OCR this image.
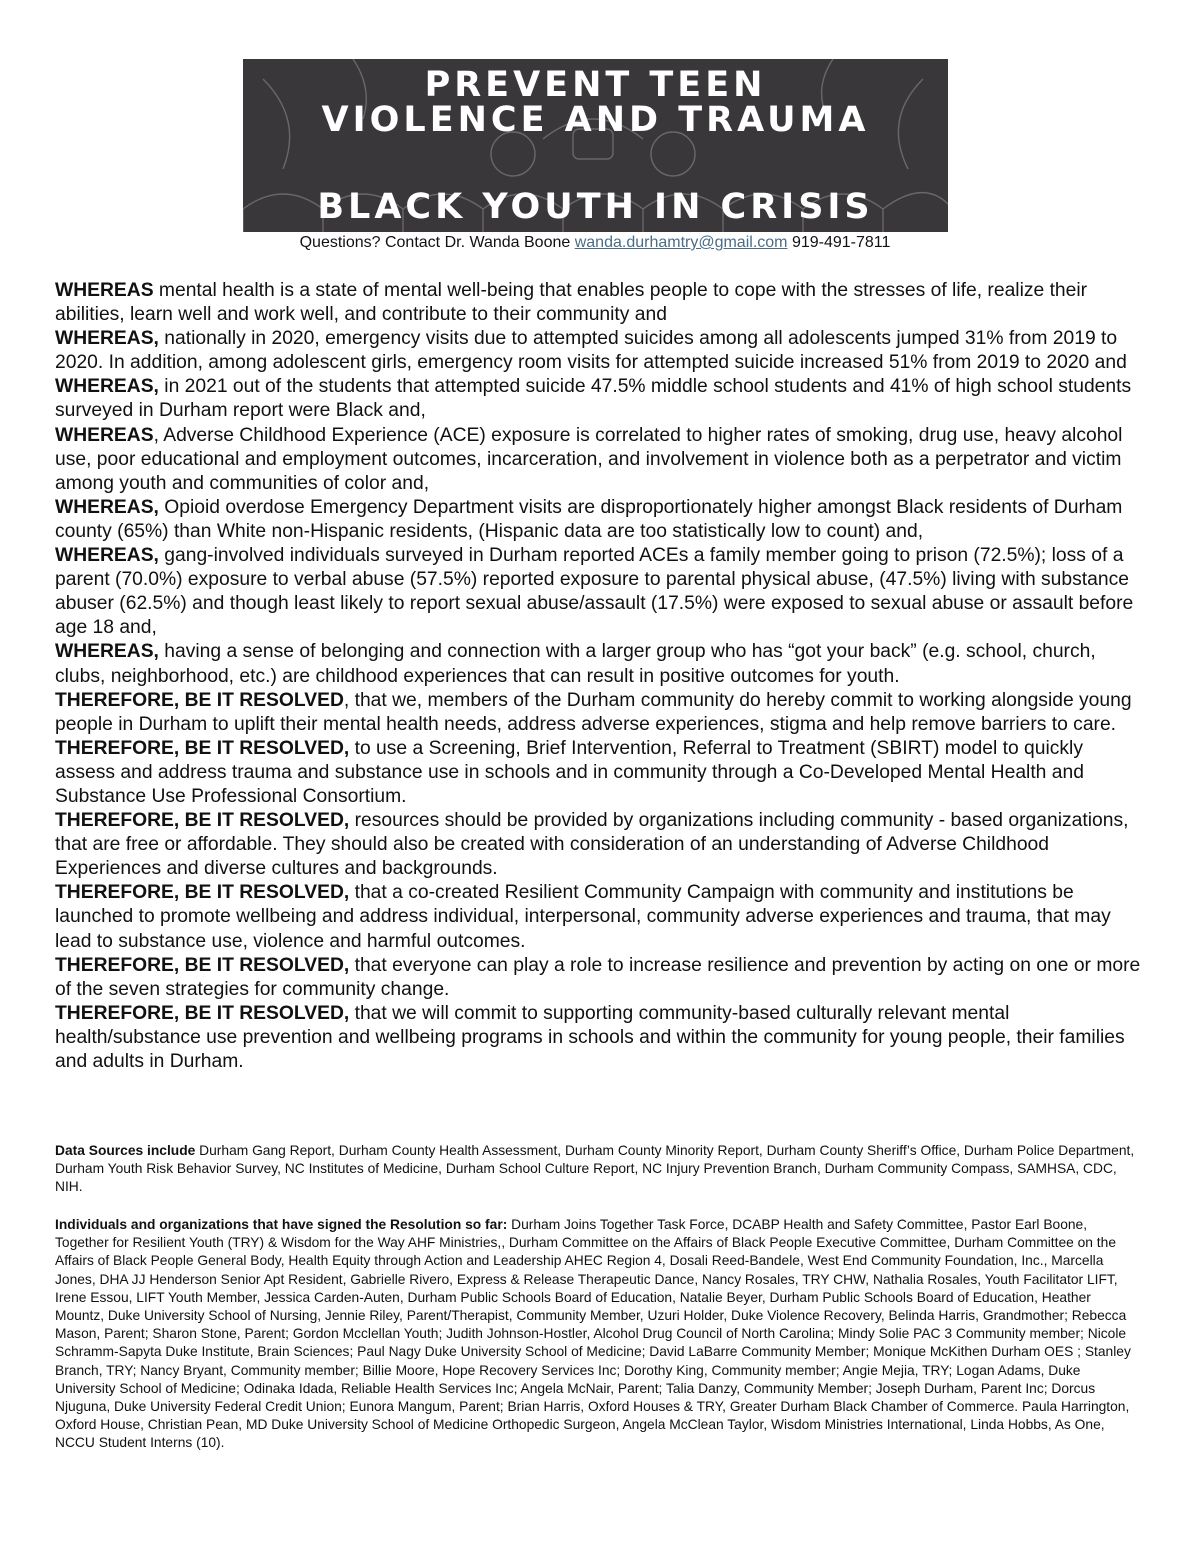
PREVENT TEEN

VIOLENCE AND TRAUMA

BLACK YOUTH IN CRISIS

Questions? Contact Dr. Wanda Boone wanda.durhamtry@gmail.com 919-491-7811

WHEREAS mental health is a state of mental well-being that enables people to cope with the stresses of life, realize their abilities, learn well and work well, and contribute to their community and

WHEREAS, nationally in 2020, emergency visits due to attempted suicides among all adolescents jumped 31% from 2019 to 2020. In addition, among adolescent girls, emergency room visits for attempted suicide increased 51% from 2019 to 2020 and

WHEREAS, in 2021 out of the students that attempted suicide 47.5% middle school students and 41% of high school students surveyed in Durham report were Black and,

WHEREAS, Adverse Childhood Experience (ACE) exposure is correlated to higher rates of smoking, drug use, heavy alcohol use, poor educational and employment outcomes, incarceration, and involvement in violence both as a perpetrator and victim among youth and communities of color and,

WHEREAS, Opioid overdose Emergency Department visits are disproportionately higher amongst Black residents of Durham county (65%) than White non-Hispanic residents, (Hispanic data are too statistically low to count) and,

WHEREAS, gang-involved individuals surveyed in Durham reported ACEs a family member going to prison (72.5%); loss of a parent (70.0%) exposure to verbal abuse (57.5%) reported exposure to parental physical abuse, (47.5%) living with substance abuser (62.5%) and though least likely to report sexual abuse/assault (17.5%) were exposed to sexual abuse or assault before age 18 and,

WHEREAS, having a sense of belonging and connection with a larger group who has “got your back” (e.g. school, church, clubs, neighborhood, etc.) are childhood experiences that can result in positive outcomes for youth.

THEREFORE, BE IT RESOLVED, that we, members of the Durham community do hereby commit to working alongside young people in Durham to uplift their mental health needs, address adverse experiences, stigma and help remove barriers to care.

THEREFORE, BE IT RESOLVED, to use a Screening, Brief Intervention, Referral to Treatment (SBIRT) model to quickly assess and address trauma and substance use in schools and in community through a Co-Developed Mental Health and Substance Use Professional Consortium.

THEREFORE, BE IT RESOLVED, resources should be provided by organizations including community - based organizations, that are free or affordable. They should also be created with consideration of an understanding of Adverse Childhood Experiences and diverse cultures and backgrounds.

THEREFORE, BE IT RESOLVED, that a co-created Resilient Community Campaign with community and institutions be launched to promote wellbeing and address individual, interpersonal, community adverse experiences and trauma, that may lead to substance use, violence and harmful outcomes.

THEREFORE, BE IT RESOLVED, that everyone can play a role to increase resilience and prevention by acting on one or more of the seven strategies for community change.

THEREFORE, BE IT RESOLVED, that we will commit to supporting community-based culturally relevant mental health/substance use prevention and wellbeing programs in schools and within the community for young people, their families and adults in Durham.

Data Sources include Durham Gang Report, Durham County Health Assessment, Durham County Minority Report, Durham County Sheriff’s Office, Durham Police Department, Durham Youth Risk Behavior Survey, NC Institutes of Medicine, Durham School Culture Report, NC Injury Prevention Branch, Durham Community Compass, SAMHSA, CDC, NIH.

Individuals and organizations that have signed the Resolution so far: Durham Joins Together Task Force, DCABP Health and Safety Committee, Pastor Earl Boone, Together for Resilient Youth (TRY) & Wisdom for the Way AHF Ministries,, Durham Committee on the Affairs of Black People Executive Committee, Durham Committee on the Affairs of Black People General Body, Health Equity through Action and Leadership AHEC Region 4, Dosali Reed-Bandele, West End Community Foundation, Inc., Marcella Jones, DHA JJ Henderson Senior Apt Resident, Gabrielle Rivero, Express & Release Therapeutic Dance, Nancy Rosales, TRY CHW, Nathalia Rosales, Youth Facilitator LIFT, Irene Essou, LIFT Youth Member, Jessica Carden-Auten, Durham Public Schools Board of Education, Natalie Beyer, Durham Public Schools Board of Education, Heather Mountz, Duke University School of Nursing, Jennie Riley, Parent/Therapist, Community Member, Uzuri Holder, Duke Violence Recovery, Belinda Harris, Grandmother; Rebecca Mason, Parent; Sharon Stone, Parent; Gordon Mcclellan Youth; Judith Johnson-Hostler, Alcohol Drug Council of North Carolina; Mindy Solie PAC 3 Community member; Nicole Schramm-Sapyta Duke Institute, Brain Sciences; Paul Nagy Duke University School of Medicine; David LaBarre Community Member; Monique McKithen Durham OES ; Stanley Branch, TRY; Nancy Bryant, Community member; Billie Moore, Hope Recovery Services Inc; Dorothy King, Community member; Angie Mejia, TRY; Logan Adams, Duke University School of Medicine; Odinaka Idada, Reliable Health Services Inc; Angela McNair, Parent; Talia Danzy, Community Member; Joseph Durham, Parent Inc; Dorcus Njuguna, Duke University Federal Credit Union; Eunora Mangum, Parent; Brian Harris, Oxford Houses & TRY, Greater Durham Black Chamber of Commerce. Paula Harrington, Oxford House, Christian Pean, MD Duke University School of Medicine Orthopedic Surgeon, Angela McClean Taylor, Wisdom Ministries International, Linda Hobbs, As One, NCCU Student Interns (10).
